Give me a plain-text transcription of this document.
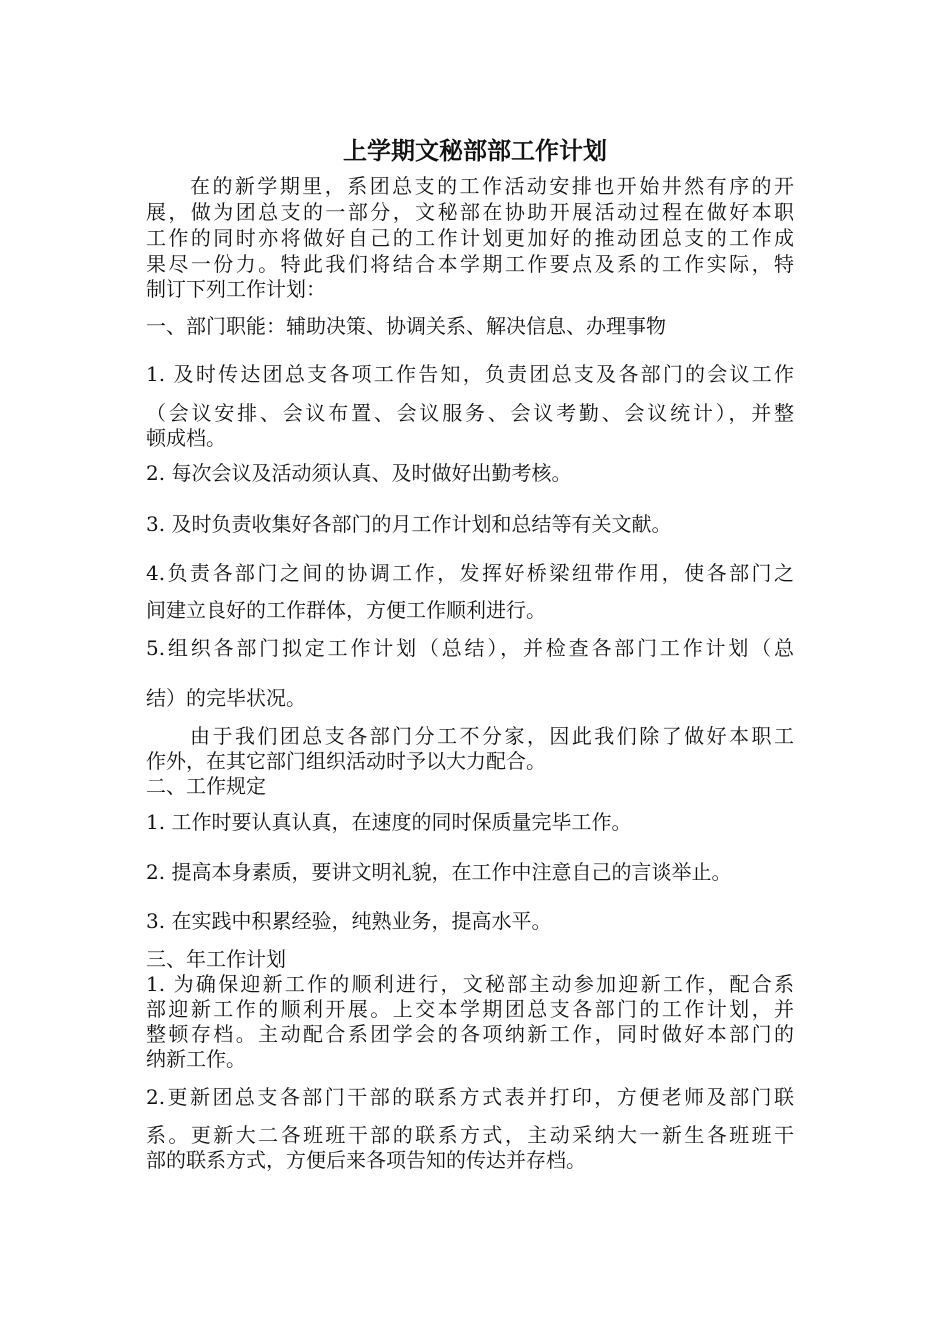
上学期文秘部部工作计划
在的新学期里，系团总支的工作活动安排也开始井然有序的开
展，做为团总支的一部分，文秘部在协助开展活动过程在做好本职
工作的同时亦将做好自己的工作计划更加好的推动团总支的工作成
果尽一份力。特此我们将结合本学期工作要点及系的工作实际，特
制订下列工作计划：
一、部门职能：辅助决策、协调关系、解决信息、办理事物
1. 及时传达团总支各项工作告知，负责团总支及各部门的会议工作
（会议安排、会议布置、会议服务、会议考勤、会议统计），并整
顿成档。
2. 每次会议及活动须认真、及时做好出勤考核。
3. 及时负责收集好各部门的月工作计划和总结等有关文献。
4.负责各部门之间的协调工作，发挥好桥梁纽带作用，使各部门之
间建立良好的工作群体，方便工作顺利进行。
5.组织各部门拟定工作计划（总结），并检查各部门工作计划（总
结）的完毕状况。
由于我们团总支各部门分工不分家，因此我们除了做好本职工
作外，在其它部门组织活动时予以大力配合。
二、工作规定
1. 工作时要认真认真，在速度的同时保质量完毕工作。
2. 提高本身素质，要讲文明礼貌，在工作中注意自己的言谈举止。
3. 在实践中积累经验，纯熟业务，提高水平。
三、年工作计划
1. 为确保迎新工作的顺利进行，文秘部主动参加迎新工作，配合系
部迎新工作的顺利开展。上交本学期团总支各部门的工作计划，并
整顿存档。主动配合系团学会的各项纳新工作，同时做好本部门的
纳新工作。
2.更新团总支各部门干部的联系方式表并打印，方便老师及部门联
系。更新大二各班班干部的联系方式，主动采纳大一新生各班班干
部的联系方式，方便后来各项告知的传达并存档。
